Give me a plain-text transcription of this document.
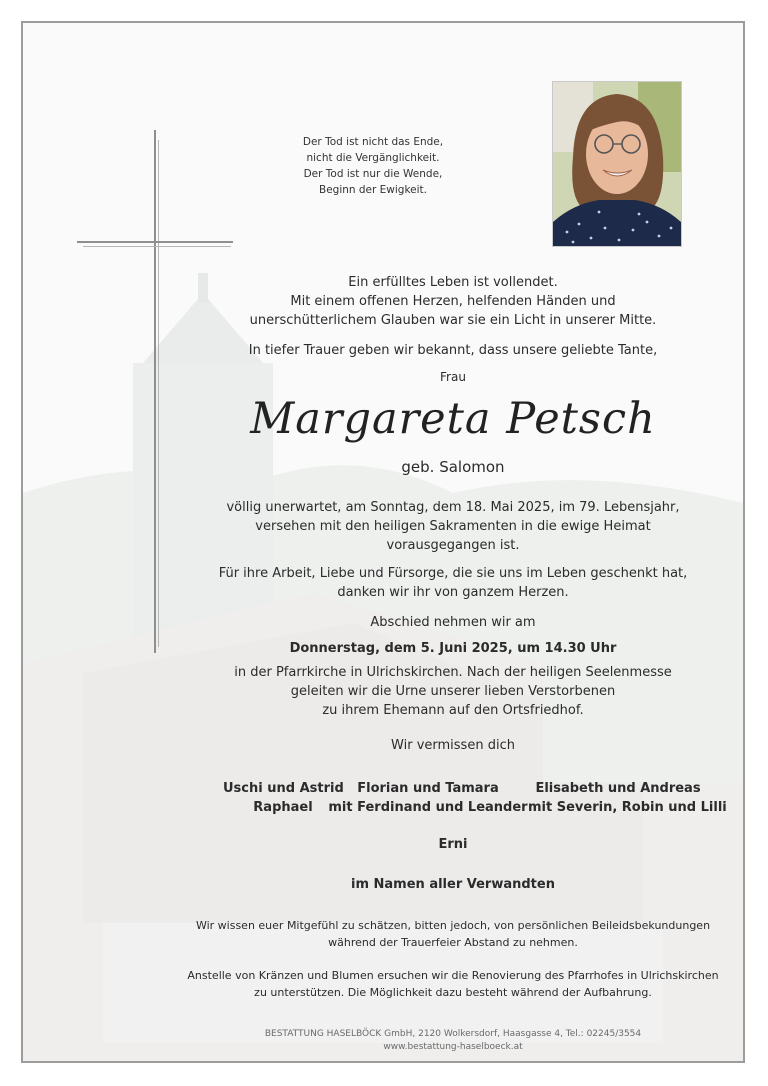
Der Tod ist nicht das Ende,
nicht die Vergänglichkeit.
Der Tod ist nur die Wende,
Beginn der Ewigkeit.
Ein erfülltes Leben ist vollendet.
Mit einem offenen Herzen, helfenden Händen und
unerschütterlichem Glauben war sie ein Licht in unserer Mitte.
In tiefer Trauer geben wir bekannt, dass unsere geliebte Tante,
Frau
Margareta Petsch
geb. Salomon
völlig unerwartet, am Sonntag, dem 18. Mai 2025, im 79. Lebensjahr,
versehen mit den heiligen Sakramenten in die ewige Heimat
vorausgegangen ist.
Für ihre Arbeit, Liebe und Fürsorge, die sie uns im Leben geschenkt hat,
danken wir ihr von ganzem Herzen.
Abschied nehmen wir am
Donnerstag, dem 5. Juni 2025, um 14.30 Uhr
in der Pfarrkirche in Ulrichskirchen. Nach der heiligen Seelenmesse
geleiten wir die Urne unserer lieben Verstorbenen
zu ihrem Ehemann auf den Ortsfriedhof.
Wir vermissen dich
Uschi und Astrid
Raphael
Florian und Tamara
mit Ferdinand und Leander
Elisabeth und Andreas
mit Severin, Robin und Lilli
Erni
im Namen aller Verwandten
Wir wissen euer Mitgefühl zu schätzen, bitten jedoch, von persönlichen Beileidsbekundungen
während der Trauerfeier Abstand zu nehmen.
Anstelle von Kränzen und Blumen ersuchen wir die Renovierung des Pfarrhofes in Ulrichskirchen
zu unterstützen. Die Möglichkeit dazu besteht während der Aufbahrung.
BESTATTUNG HASELBÖCK GmbH, 2120 Wolkersdorf, Haasgasse 4, Tel.: 02245/3554
www.bestattung-haselboeck.at
